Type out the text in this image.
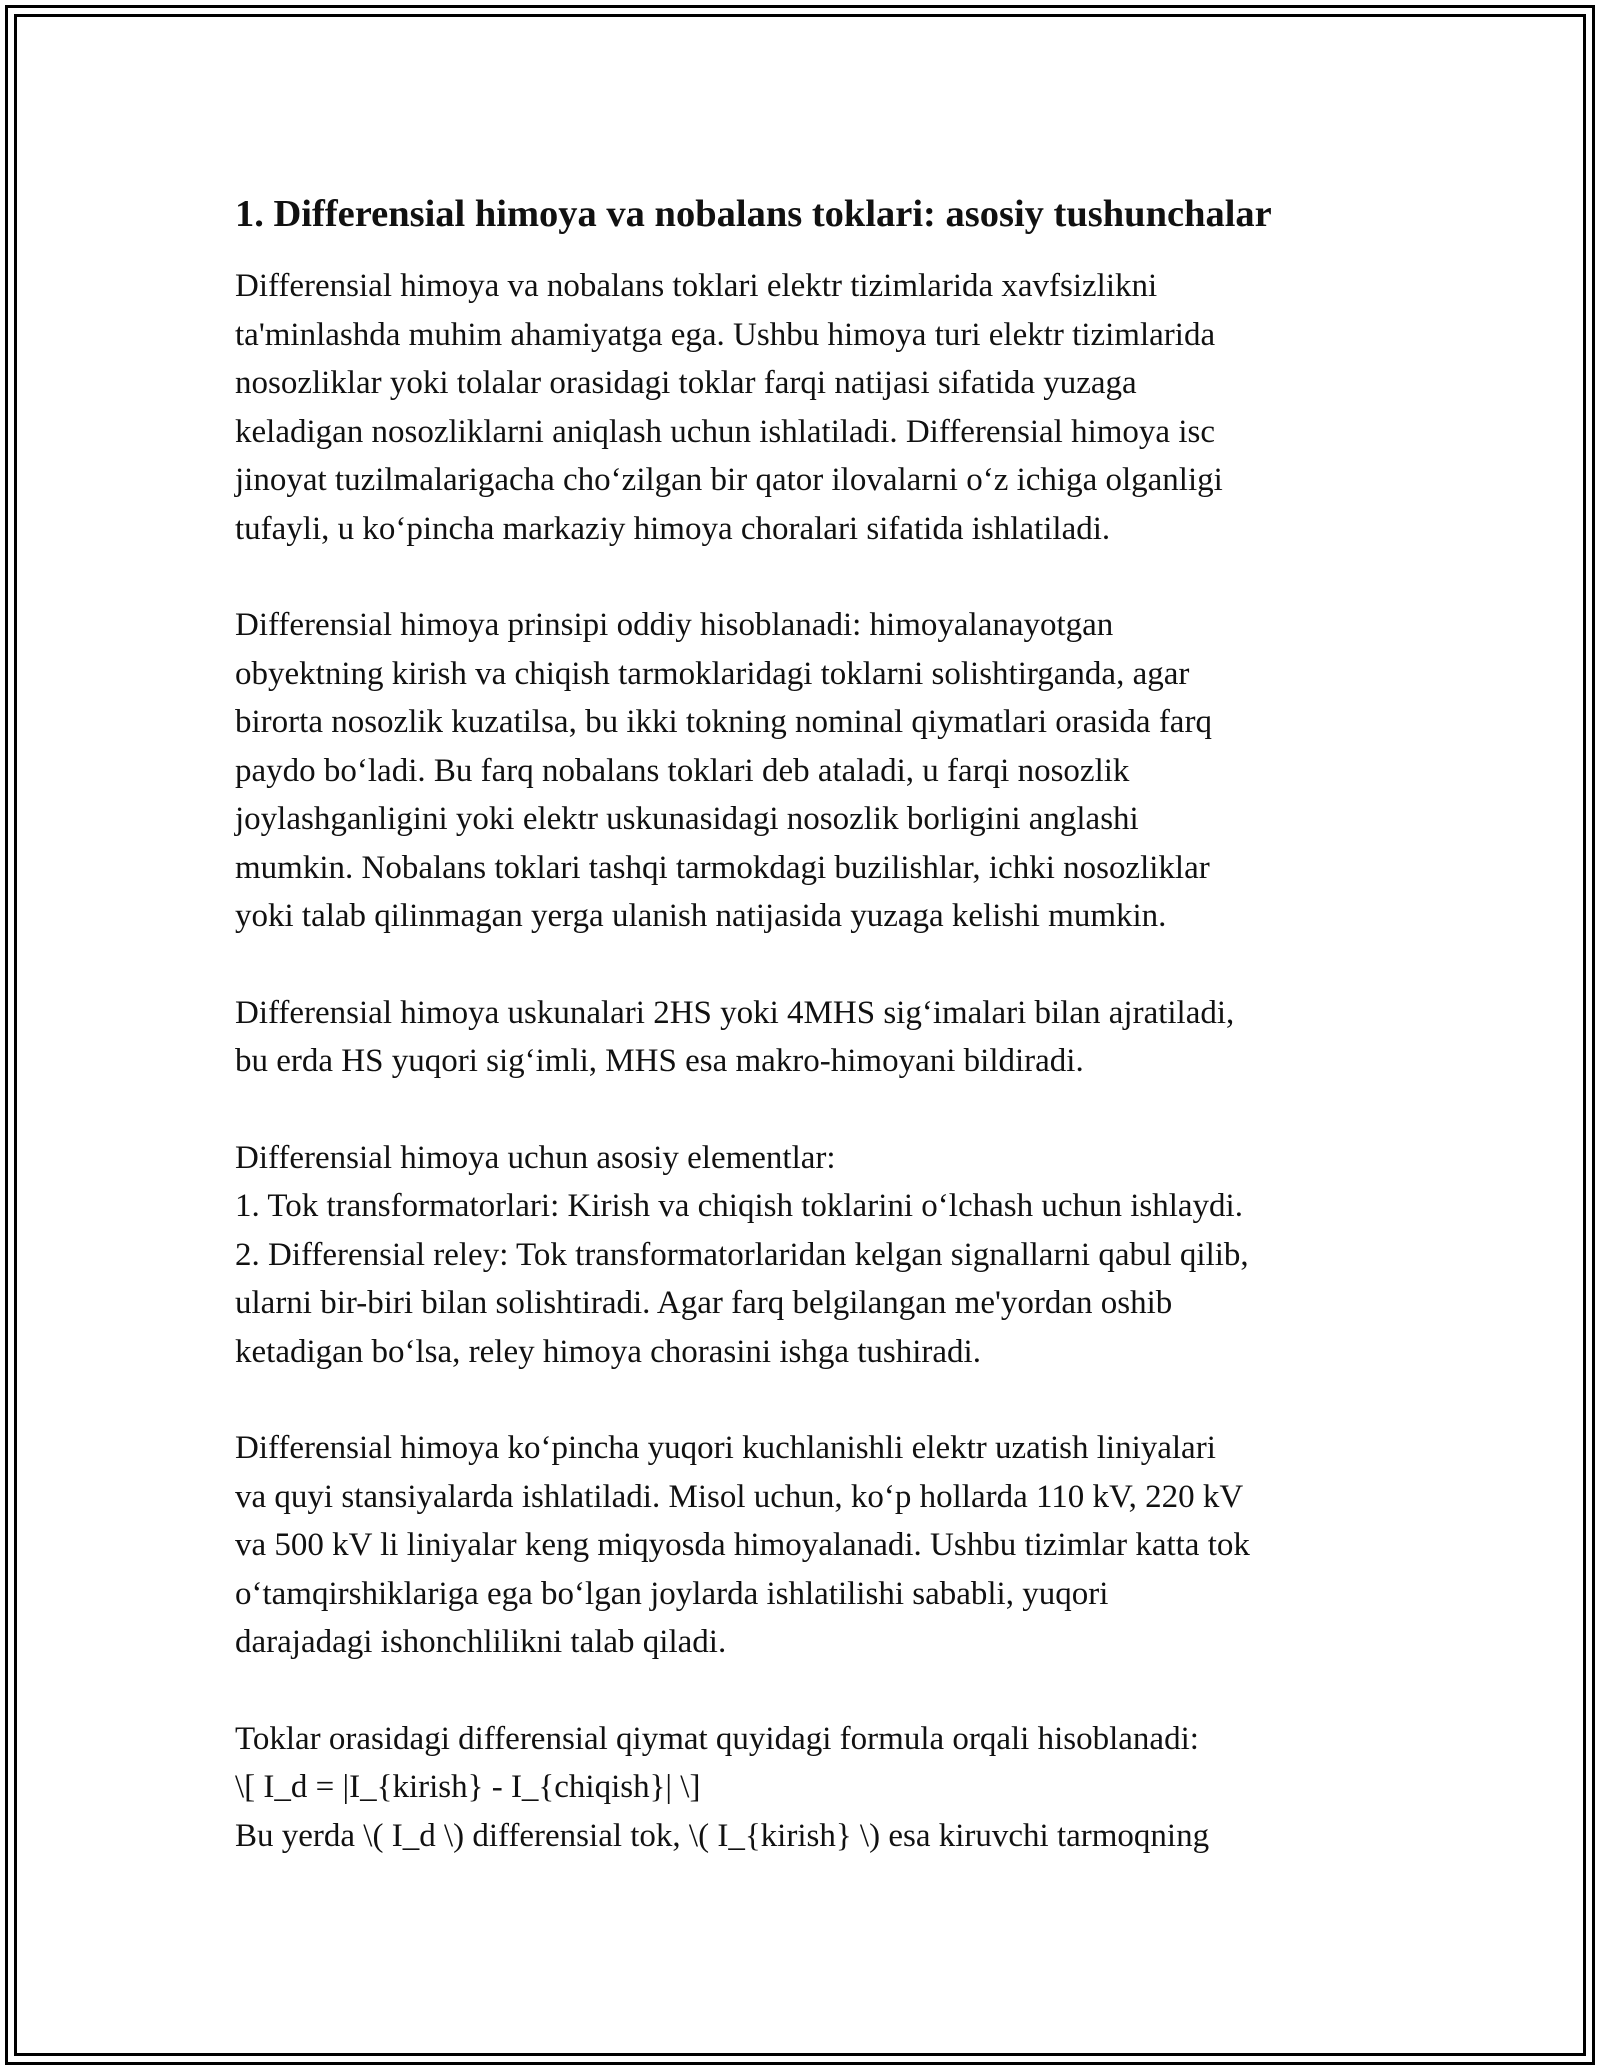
1. Differensial himoya va nobalans toklari: asosiy tushunchalar

Differensial himoya va nobalans toklari elektr tizimlarida xavfsizlikni
ta'minlashda muhim ahamiyatga ega. Ushbu himoya turi elektr tizimlarida
nosozliklar yoki tolalar orasidagi toklar farqi natijasi sifatida yuzaga
keladigan nosozliklarni aniqlash uchun ishlatiladi. Differensial himoya isc
jinoyat tuzilmalarigacha cho‘zilgan bir qator ilovalarni o‘z ichiga olganligi
tufayli, u ko‘pincha markaziy himoya choralari sifatida ishlatiladi.

Differensial himoya prinsipi oddiy hisoblanadi: himoyalanayotgan
obyektning kirish va chiqish tarmoklaridagi toklarni solishtirganda, agar
birorta nosozlik kuzatilsa, bu ikki tokning nominal qiymatlari orasida farq
paydo bo‘ladi. Bu farq nobalans toklari deb ataladi, u farqi nosozlik
joylashganligini yoki elektr uskunasidagi nosozlik borligini anglashi
mumkin. Nobalans toklari tashqi tarmokdagi buzilishlar, ichki nosozliklar
yoki talab qilinmagan yerga ulanish natijasida yuzaga kelishi mumkin.

Differensial himoya uskunalari 2HS yoki 4MHS sig‘imalari bilan ajratiladi,
bu erda HS yuqori sig‘imli, MHS esa makro-himoyani bildiradi.

Differensial himoya uchun asosiy elementlar:
1. Tok transformatorlari: Kirish va chiqish toklarini o‘lchash uchun ishlaydi.
2. Differensial reley: Tok transformatorlaridan kelgan signallarni qabul qilib,
ularni bir-biri bilan solishtiradi. Agar farq belgilangan me'yordan oshib
ketadigan bo‘lsa, reley himoya chorasini ishga tushiradi.

Differensial himoya ko‘pincha yuqori kuchlanishli elektr uzatish liniyalari
va quyi stansiyalarda ishlatiladi. Misol uchun, ko‘p hollarda 110 kV, 220 kV
va 500 kV li liniyalar keng miqyosda himoyalanadi. Ushbu tizimlar katta tok
o‘tamqirshiklariga ega bo‘lgan joylarda ishlatilishi sababli, yuqori
darajadagi ishonchlilikni talab qiladi.

Toklar orasidagi differensial qiymat quyidagi formula orqali hisoblanadi:
\[ I_d = |I_{kirish} - I_{chiqish}| \]
Bu yerda \( I_d \) differensial tok, \( I_{kirish} \) esa kiruvchi tarmoqning
